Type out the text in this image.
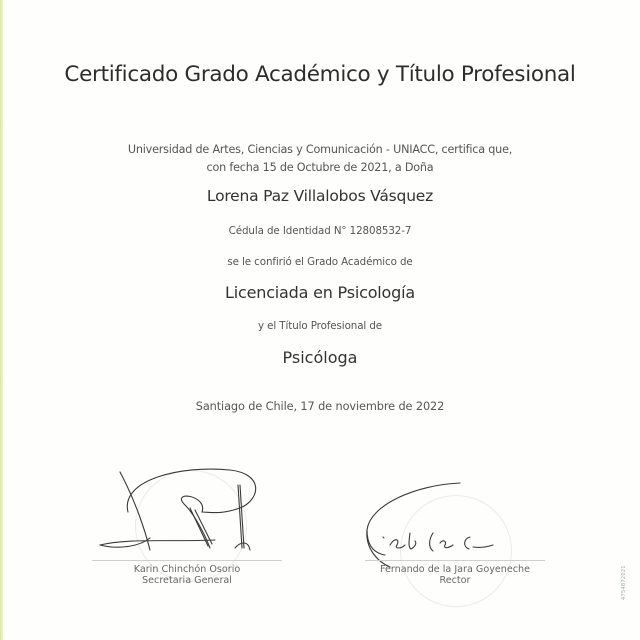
Certificado Grado Académico y Título Profesional
Universidad de Artes, Ciencias y Comunicación - UNIACC, certifica que,
con fecha 15 de Octubre de 2021, a Doña
Lorena Paz Villalobos Vásquez
Cédula de Identidad N° 12808532-7
se le confirió el Grado Académico de
Licenciada en Psicología
y el Título Profesional de
Psicóloga
Santiago de Chile, 17 de noviembre de 2022
Karin Chinchón Osorio
Secretaria General
Fernando de la Jara Goyeneche
Rector	4754872021
